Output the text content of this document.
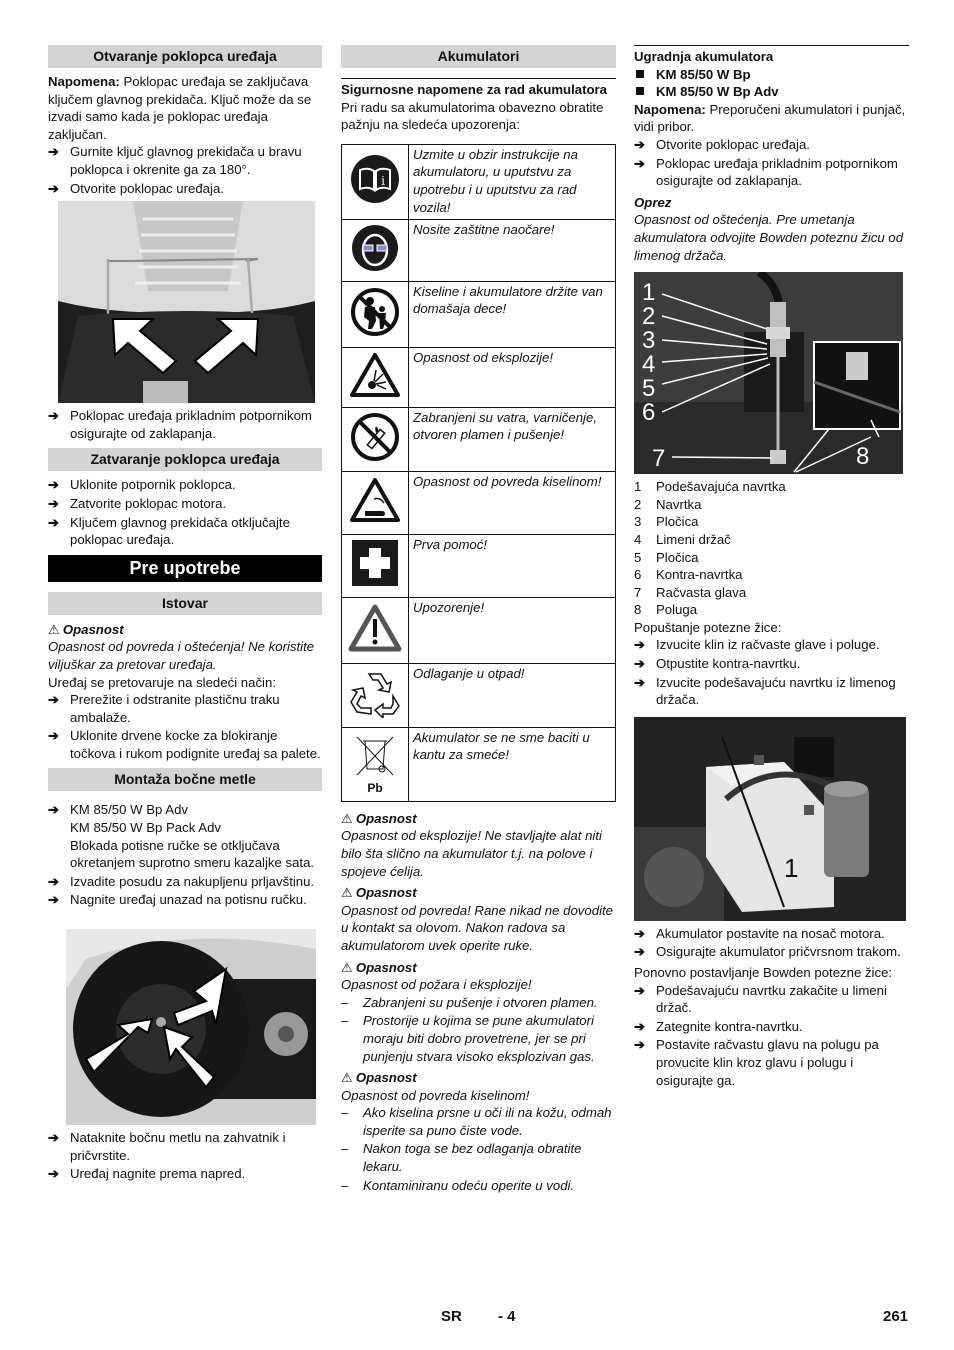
Otvaranje poklopca uređaja

Napomena: Poklopac uređaja se zaključava ključem glavnog prekidača. Ključ može da se izvadi samo kada je poklopac uređaja zaključan.

➔ Gurnite ključ glavnog prekidača u bravu poklopca i okrenite ga za 180°.
➔ Otvorite poklopac uređaja.
➔ Poklopac uređaja prikladnim potpornikom osigurajte od zaklapanja.
Zatvaranje poklopca uređaja
➔ Uklonite potpornik poklopca.
➔ Zatvorite poklopac motora.
➔ Ključem glavnog prekidača otključajte poklopac uređaja.
Pre upotrebe
Istovar
⚠ Opasnost

Opasnost od povreda i oštećenja! Ne koristite viljuškar za pretovar uređaja.

Uređaj se pretovaruje na sledeći način:

➔ Prerežite i odstranite plastičnu traku ambalaže.
➔ Uklonite drvene kocke za blokiranje točkova i rukom podignite uređaj sa palete.
Montaža bočne metle
➔ KM 85/50 W Bp Adv
KM 85/50 W Bp Pack Adv
Blokada potisne ručke se otključava okretanjem suprotno smeru kazaljke sata.
➔ Izvadite posudu za nakupljenu prljavštinu.
➔ Nagnite uređaj unazad na potisnu ručku.
➔ Nataknite bočnu metlu na zahvatnik i pričvrstite.
➔ Uređaj nagnite prema napred.
Akumulatori
Sigurnosne napomene za rad akumulatora

Pri radu sa akumulatorima obavezno obratite pažnju na sledeća upozorenja:

i	Uzmite u obzir instrukcije na akumulatoru, u uputstvu za upotrebu i u uputstvu za rad vozila!
	Nosite zaštitne naočare!
	Kiseline i akumulatore držite van domašaja dece!
	Opasnost od eksplozije!
	Zabranjeni su vatra, varničenje, otvoren plamen i pušenje!
	Opasnost od povreda kiselinom!
	Prva pomoć!
	Upozorenje!
	Odlaganje u otpad!

Pb	Akumulator se ne sme baciti u kantu za smeće!
⚠ Opasnost

Opasnost od eksplozije! Ne stavljajte alat niti bilo šta slično na akumulator t.j. na polove i spojeve ćelija.

⚠ Opasnost

Opasnost od povreda! Rane nikad ne dovodite u kontakt sa olovom. Nakon radova sa akumulatorom uvek operite ruke.

⚠ Opasnost

Opasnost od požara i eksplozije!

– Zabranjeni su pušenje i otvoren plamen.
– Prostorije u kojima se pune akumulatori moraju biti dobro provetrene, jer se pri punjenju stvara visoko eksplozivan gas.
⚠ Opasnost

Opasnost od povreda kiselinom!

– Ako kiselina prsne u oči ili na kožu, odmah isperite sa puno čiste vode.
– Nakon toga se bez odlaganja obratite lekaru.
– Kontaminiranu odeću operite u vodi.
Ugradnja akumulatora
KM 85/50 W Bp
KM 85/50 W Bp Adv

Napomena: Preporučeni akumulatori i punjač, vidi pribor.

➔ Otvorite poklopac uređaja.
➔ Poklopac uređaja prikladnim potpornikom osigurajte od zaklapanja.
Oprez

Opasnost od oštećenja. Pre umetanja akumulatora odvojite Bowden poteznu žicu od limenog držača.

1
2
3
4
5
6
7	8
1	Podešavajuća navrtka
2	Navrtka
3	Pločica
4	Limeni držač
5	Pločica
6	Kontra-navrtka
7	Račvasta glava
8	Poluga

Popuštanje potezne žice:

➔ Izvucite klin iz račvaste glave i poluge.
➔ Otpustite kontra-navrtku.
➔ Izvucite podešavajuću navrtku iz limenog držača.
1
➔ Akumulator postavite na nosač motora.
➔ Osigurajte akumulator pričvrsnom trakom.

Ponovno postavljanje Bowden potezne žice:

➔ Podešavajuću navrtku zakačite u limeni držač.
➔ Zategnite kontra-navrtku.
➔ Postavite račvastu glavu na polugu pa provucite klin kroz glavu i polugu i osigurajte ga.
SR - 4	261
